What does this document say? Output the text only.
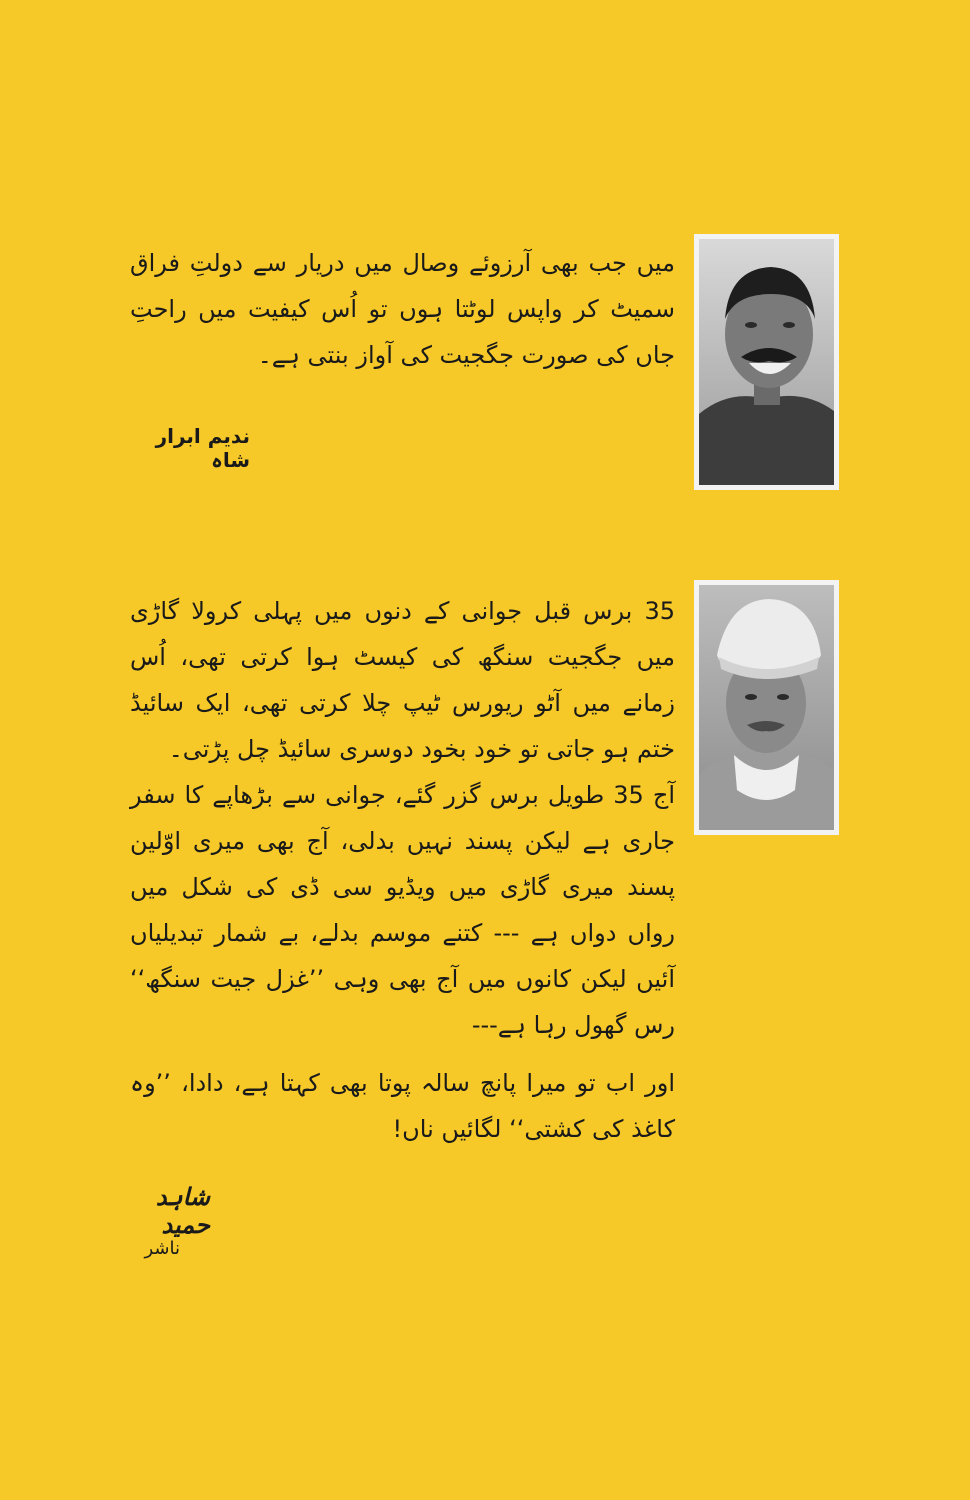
میں جب بھی آرزوئے وصال میں دریار سے دولتِ فراق سمیٹ کر واپس لوٹتا ہوں تو اُس کیفیت میں راحتِ جاں کی صورت جگجیت کی آواز بنتی ہے۔

ندیم ابرار شاہ

35 برس قبل جوانی کے دنوں میں پہلی کرولا گاڑی میں جگجیت سنگھ کی کیسٹ ہوا کرتی تھی، اُس زمانے میں آٹو ریورس ٹیپ چلا کرتی تھی، ایک سائیڈ ختم ہو جاتی تو خود بخود دوسری سائیڈ چل پڑتی۔

آج 35 طویل برس گزر گئے، جوانی سے بڑھاپے کا سفر جاری ہے لیکن پسند نہیں بدلی، آج بھی میری اوّلین پسند میری گاڑی میں ویڈیو سی ڈی کی شکل میں رواں دواں ہے --- کتنے موسم بدلے، بے شمار تبدیلیاں آئیں لیکن کانوں میں آج بھی وہی ’’غزل جیت سنگھ‘‘ رس گھول رہا ہے---

اور اب تو میرا پانچ سالہ پوتا بھی کہتا ہے، دادا، ’’وہ کاغذ کی کشتی‘‘ لگائیں ناں!

شاہد حمید
ناشر
